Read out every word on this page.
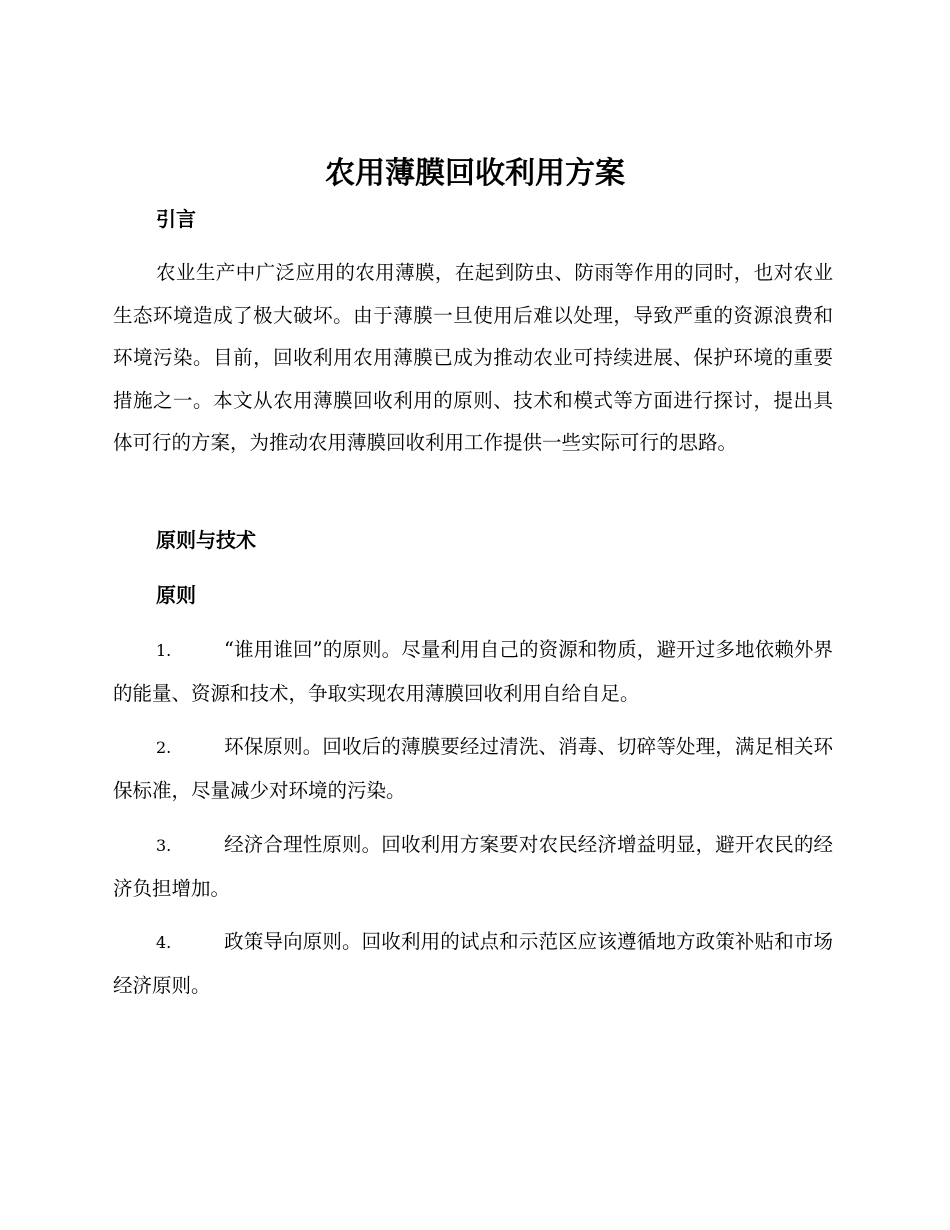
农用薄膜回收利用方案
引言

农业生产中广泛应用的农用薄膜，在起到防虫、防雨等作用的同时，也对农业生态环境造成了极大破坏。由于薄膜一旦使用后难以处理，导致严重的资源浪费和环境污染。目前，回收利用农用薄膜已成为推动农业可持续进展、保护环境的重要措施之一。本文从农用薄膜回收利用的原则、技术和模式等方面进行探讨，提出具体可行的方案，为推动农用薄膜回收利用工作提供一些实际可行的思路。

原则与技术
原则

1.	“谁用谁回”的原则。尽量利用自己的资源和物质，避开过多地依赖外界的能量、资源和技术，争取实现农用薄膜回收利用自给自足。

2.	环保原则。回收后的薄膜要经过清洗、消毒、切碎等处理，满足相关环保标准，尽量减少对环境的污染。

3.	经济合理性原则。回收利用方案要对农民经济增益明显，避开农民的经济负担增加。

4.	政策导向原则。回收利用的试点和示范区应该遵循地方政策补贴和市场经济原则。
